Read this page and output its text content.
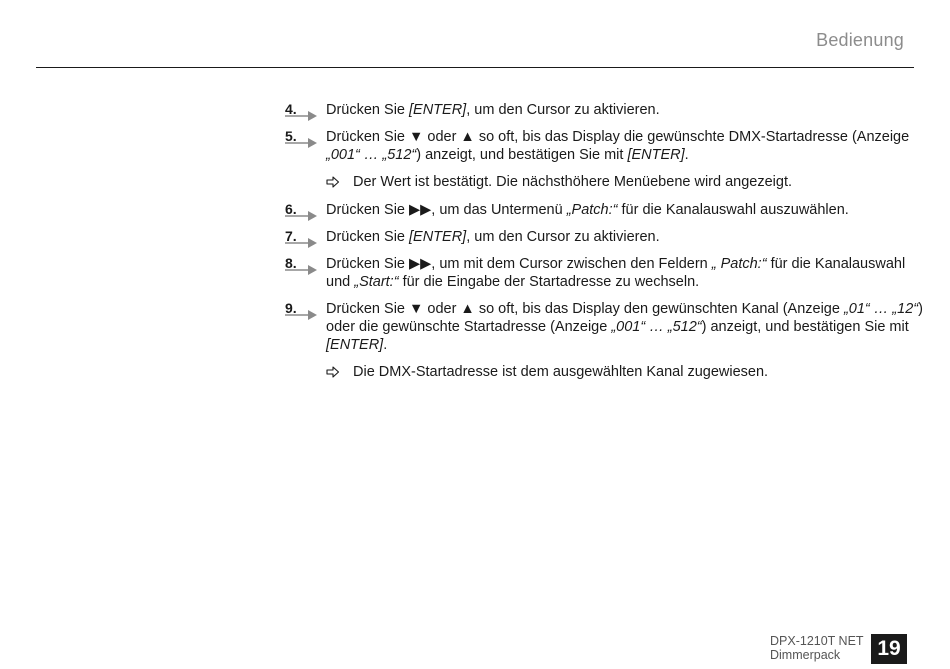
Bedienung
4. Drücken Sie [ENTER], um den Cursor zu aktivieren.
5. Drücken Sie ▼ oder ▲ so oft, bis das Display die gewünschte DMX-Startadresse (Anzeige „001“ … „512“) anzeigt, und bestätigen Sie mit [ENTER].
Der Wert ist bestätigt. Die nächsthöhere Menüebene wird angezeigt.
6. Drücken Sie ▶▶, um das Untermenü „Patch:“ für die Kanalauswahl auszuwählen.
7. Drücken Sie [ENTER], um den Cursor zu aktivieren.
8. Drücken Sie ▶▶, um mit dem Cursor zwischen den Feldern „ Patch:“ für die Kanalauswahl und „Start:“ für die Eingabe der Startadresse zu wechseln.
9. Drücken Sie ▼ oder ▲ so oft, bis das Display den gewünschten Kanal (Anzeige „01“ … „12“) oder die gewünschte Startadresse (Anzeige „001“ … „512“) anzeigt, und bestätigen Sie mit [ENTER].
Die DMX-Startadresse ist dem ausgewählten Kanal zugewiesen.
DPX-1210T NET
Dimmerpack	19
